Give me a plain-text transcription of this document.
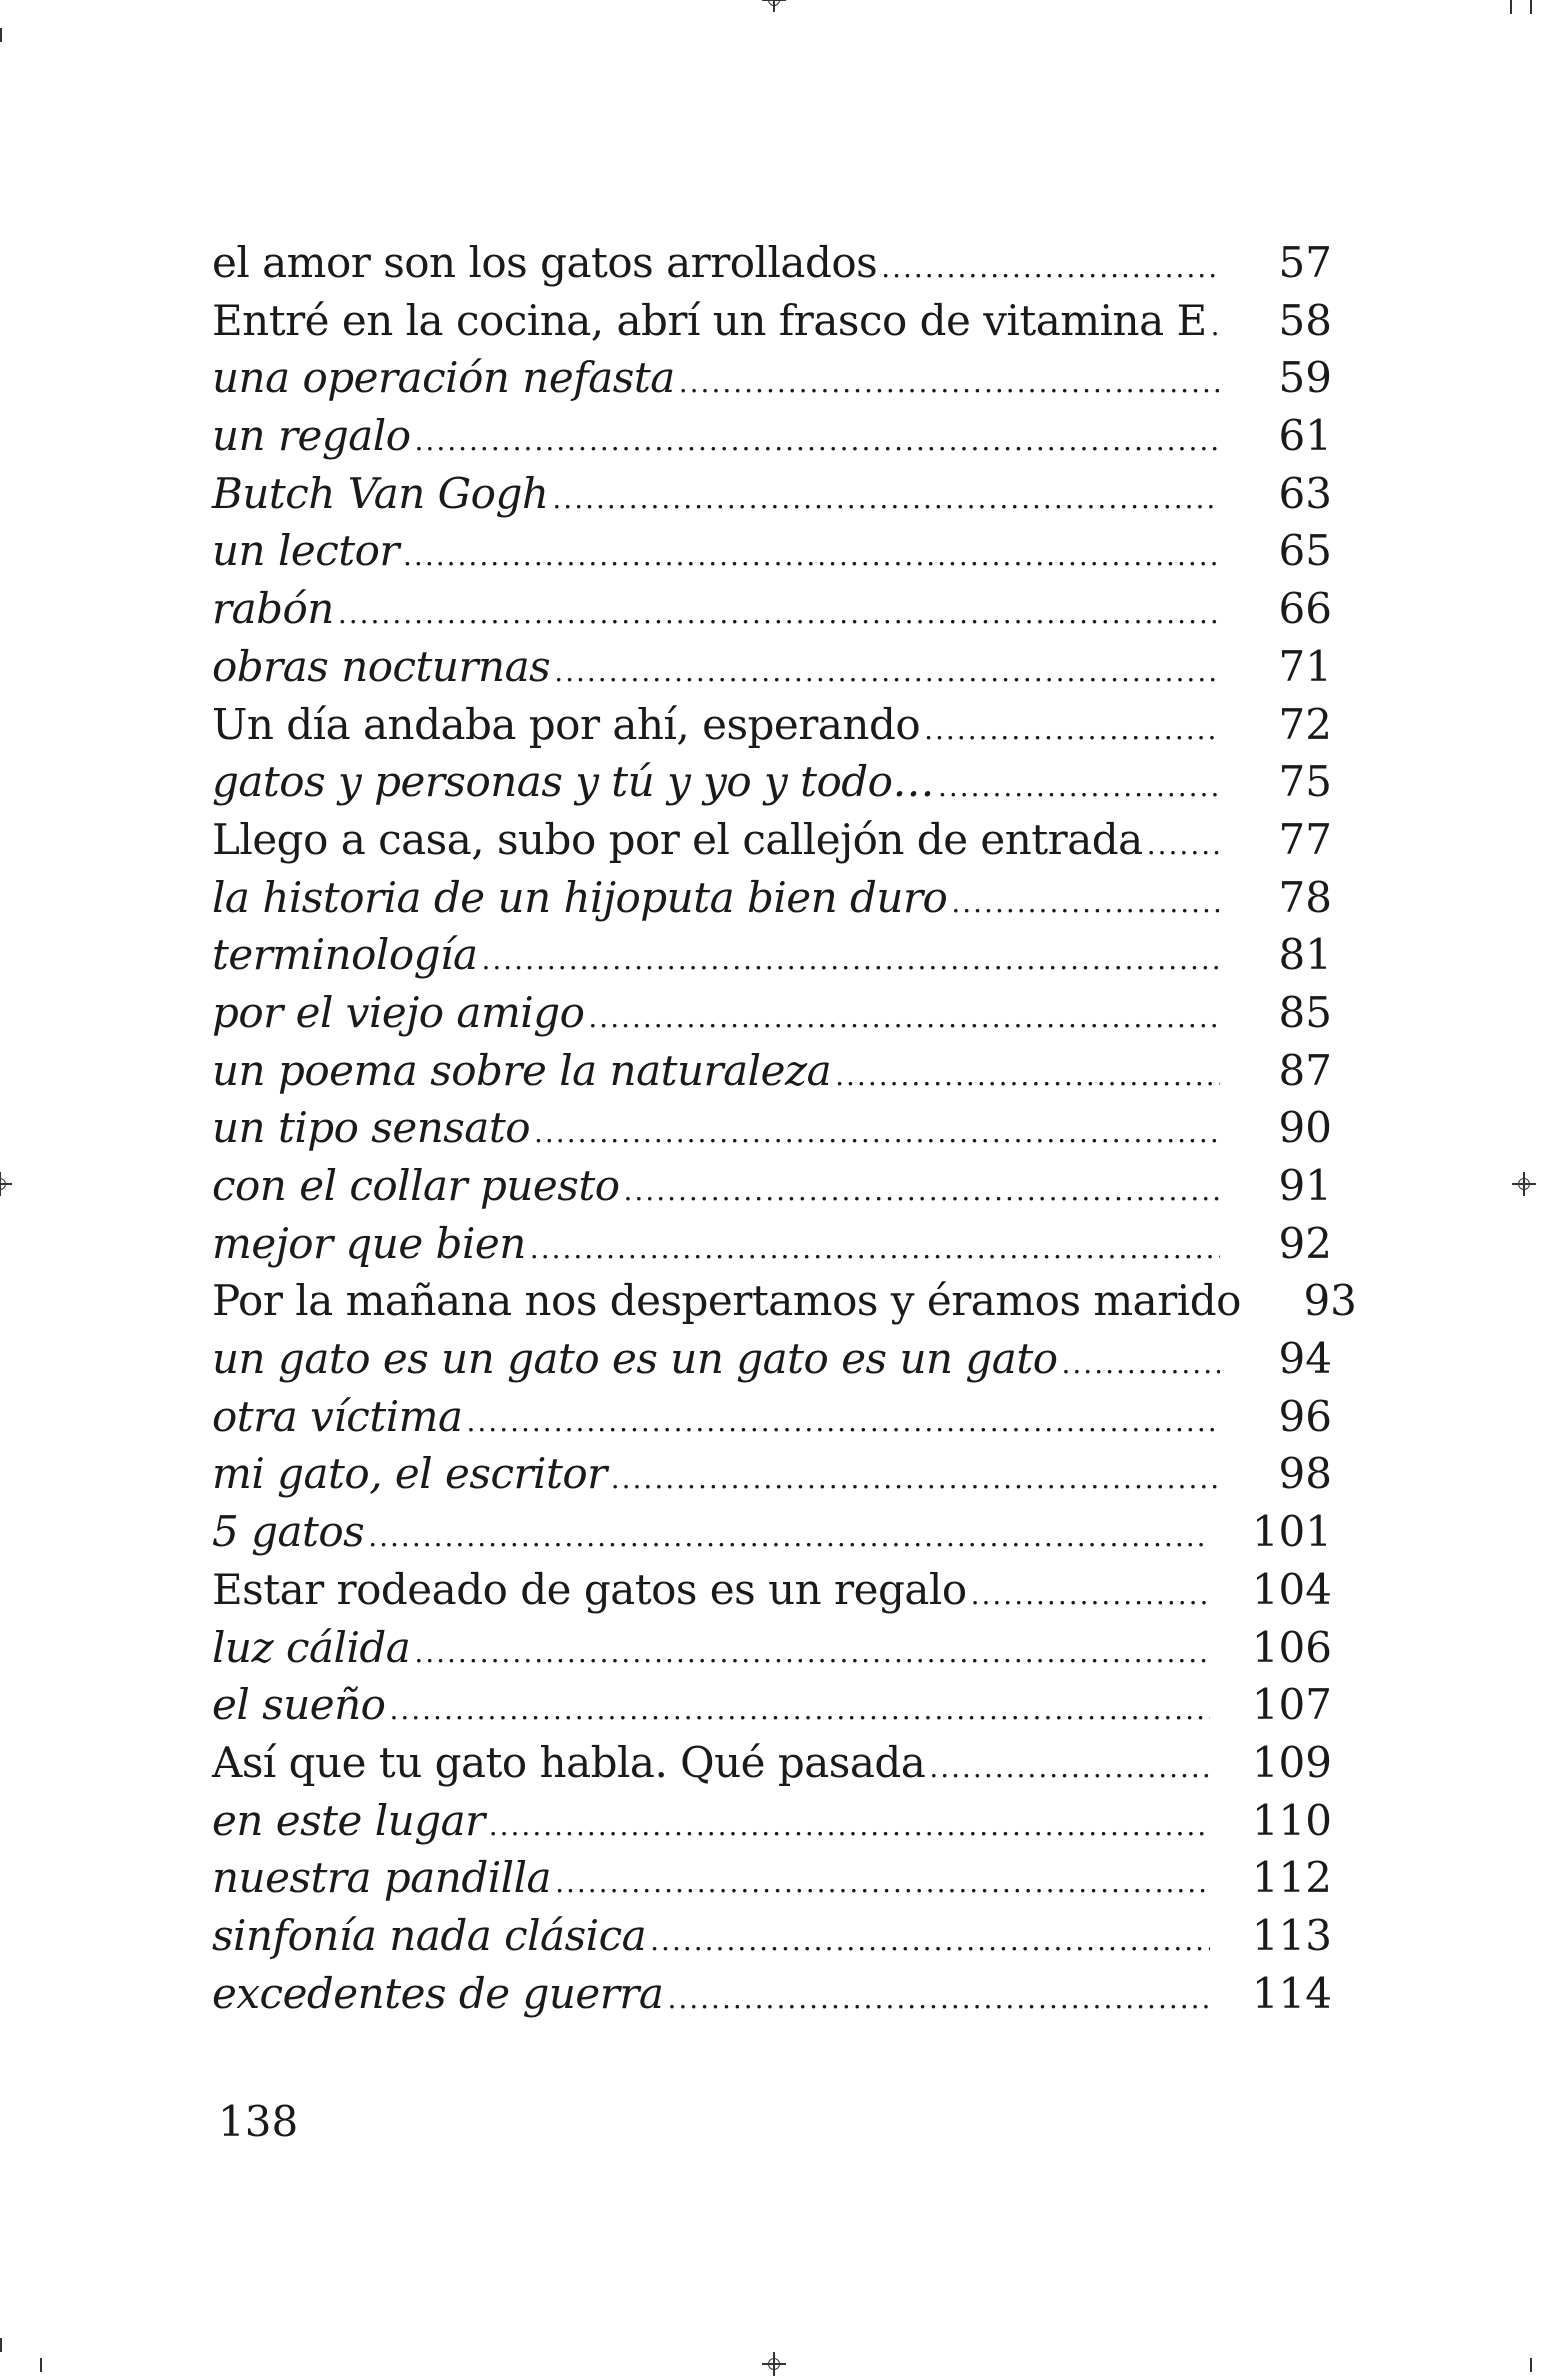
el amor son los gatos arrollados .....	57
Entré en la cocina, abrí un frasco de vitamina E .....	58
una operación nefasta .....	59
un regalo .....	61
Butch Van Gogh .....	63
un lector .....	65
rabón .....	66
obras nocturnas .....	71
Un día andaba por ahí, esperando .....	72
gatos y personas y tú y yo y todo… .....	75
Llego a casa, subo por el callejón de entrada .....	77
la historia de un hijoputa bien duro .....	78
terminología .....	81
por el viejo amigo .....	85
un poema sobre la naturaleza .....	87
un tipo sensato .....	90
con el collar puesto .....	91
mejor que bien .....	92
Por la mañana nos despertamos y éramos marido	93
un gato es un gato es un gato es un gato .....	94
otra víctima .....	96
mi gato, el escritor .....	98
5 gatos .....	101
Estar rodeado de gatos es un regalo .....	104
luz cálida .....	106
el sueño .....	107
Así que tu gato habla. Qué pasada .....	109
en este lugar .....	110
nuestra pandilla .....	112
sinfonía nada clásica .....	113
excedentes de guerra .....	114
138
